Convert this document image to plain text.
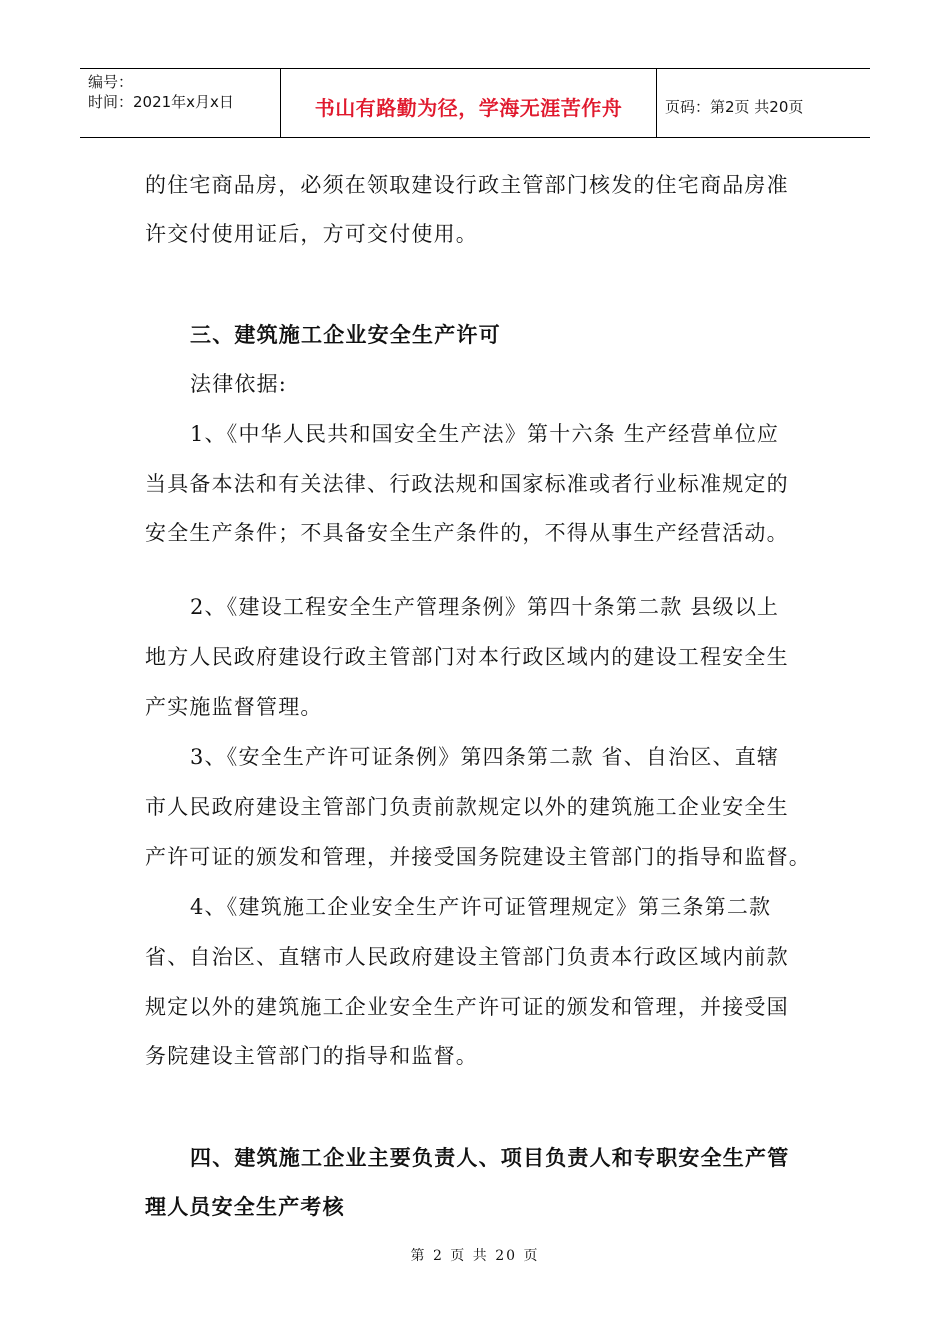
编号：
时间：2021年x月x日	书山有路勤为径，学海无涯苦作舟	页码：第2页 共20页
的住宅商品房，必须在领取建设行政主管部门核发的住宅商品房准
许交付使用证后，方可交付使用。
三、建筑施工企业安全生产许可
法律依据:
1、《中华人民共和国安全生产法》第十六条 生产经营单位应
当具备本法和有关法律、行政法规和国家标准或者行业标准规定的
安全生产条件；不具备安全生产条件的，不得从事生产经营活动。
2、《建设工程安全生产管理条例》第四十条第二款 县级以上
地方人民政府建设行政主管部门对本行政区域内的建设工程安全生
产实施监督管理。
3、《安全生产许可证条例》第四条第二款 省、自治区、直辖
市人民政府建设主管部门负责前款规定以外的建筑施工企业安全生
产许可证的颁发和管理，并接受国务院建设主管部门的指导和监督。
4、《建筑施工企业安全生产许可证管理规定》第三条第二款
省、自治区、直辖市人民政府建设主管部门负责本行政区域内前款
规定以外的建筑施工企业安全生产许可证的颁发和管理，并接受国
务院建设主管部门的指导和监督。
四、建筑施工企业主要负责人、项目负责人和专职安全生产管
理人员安全生产考核
第 2 页 共 20 页
